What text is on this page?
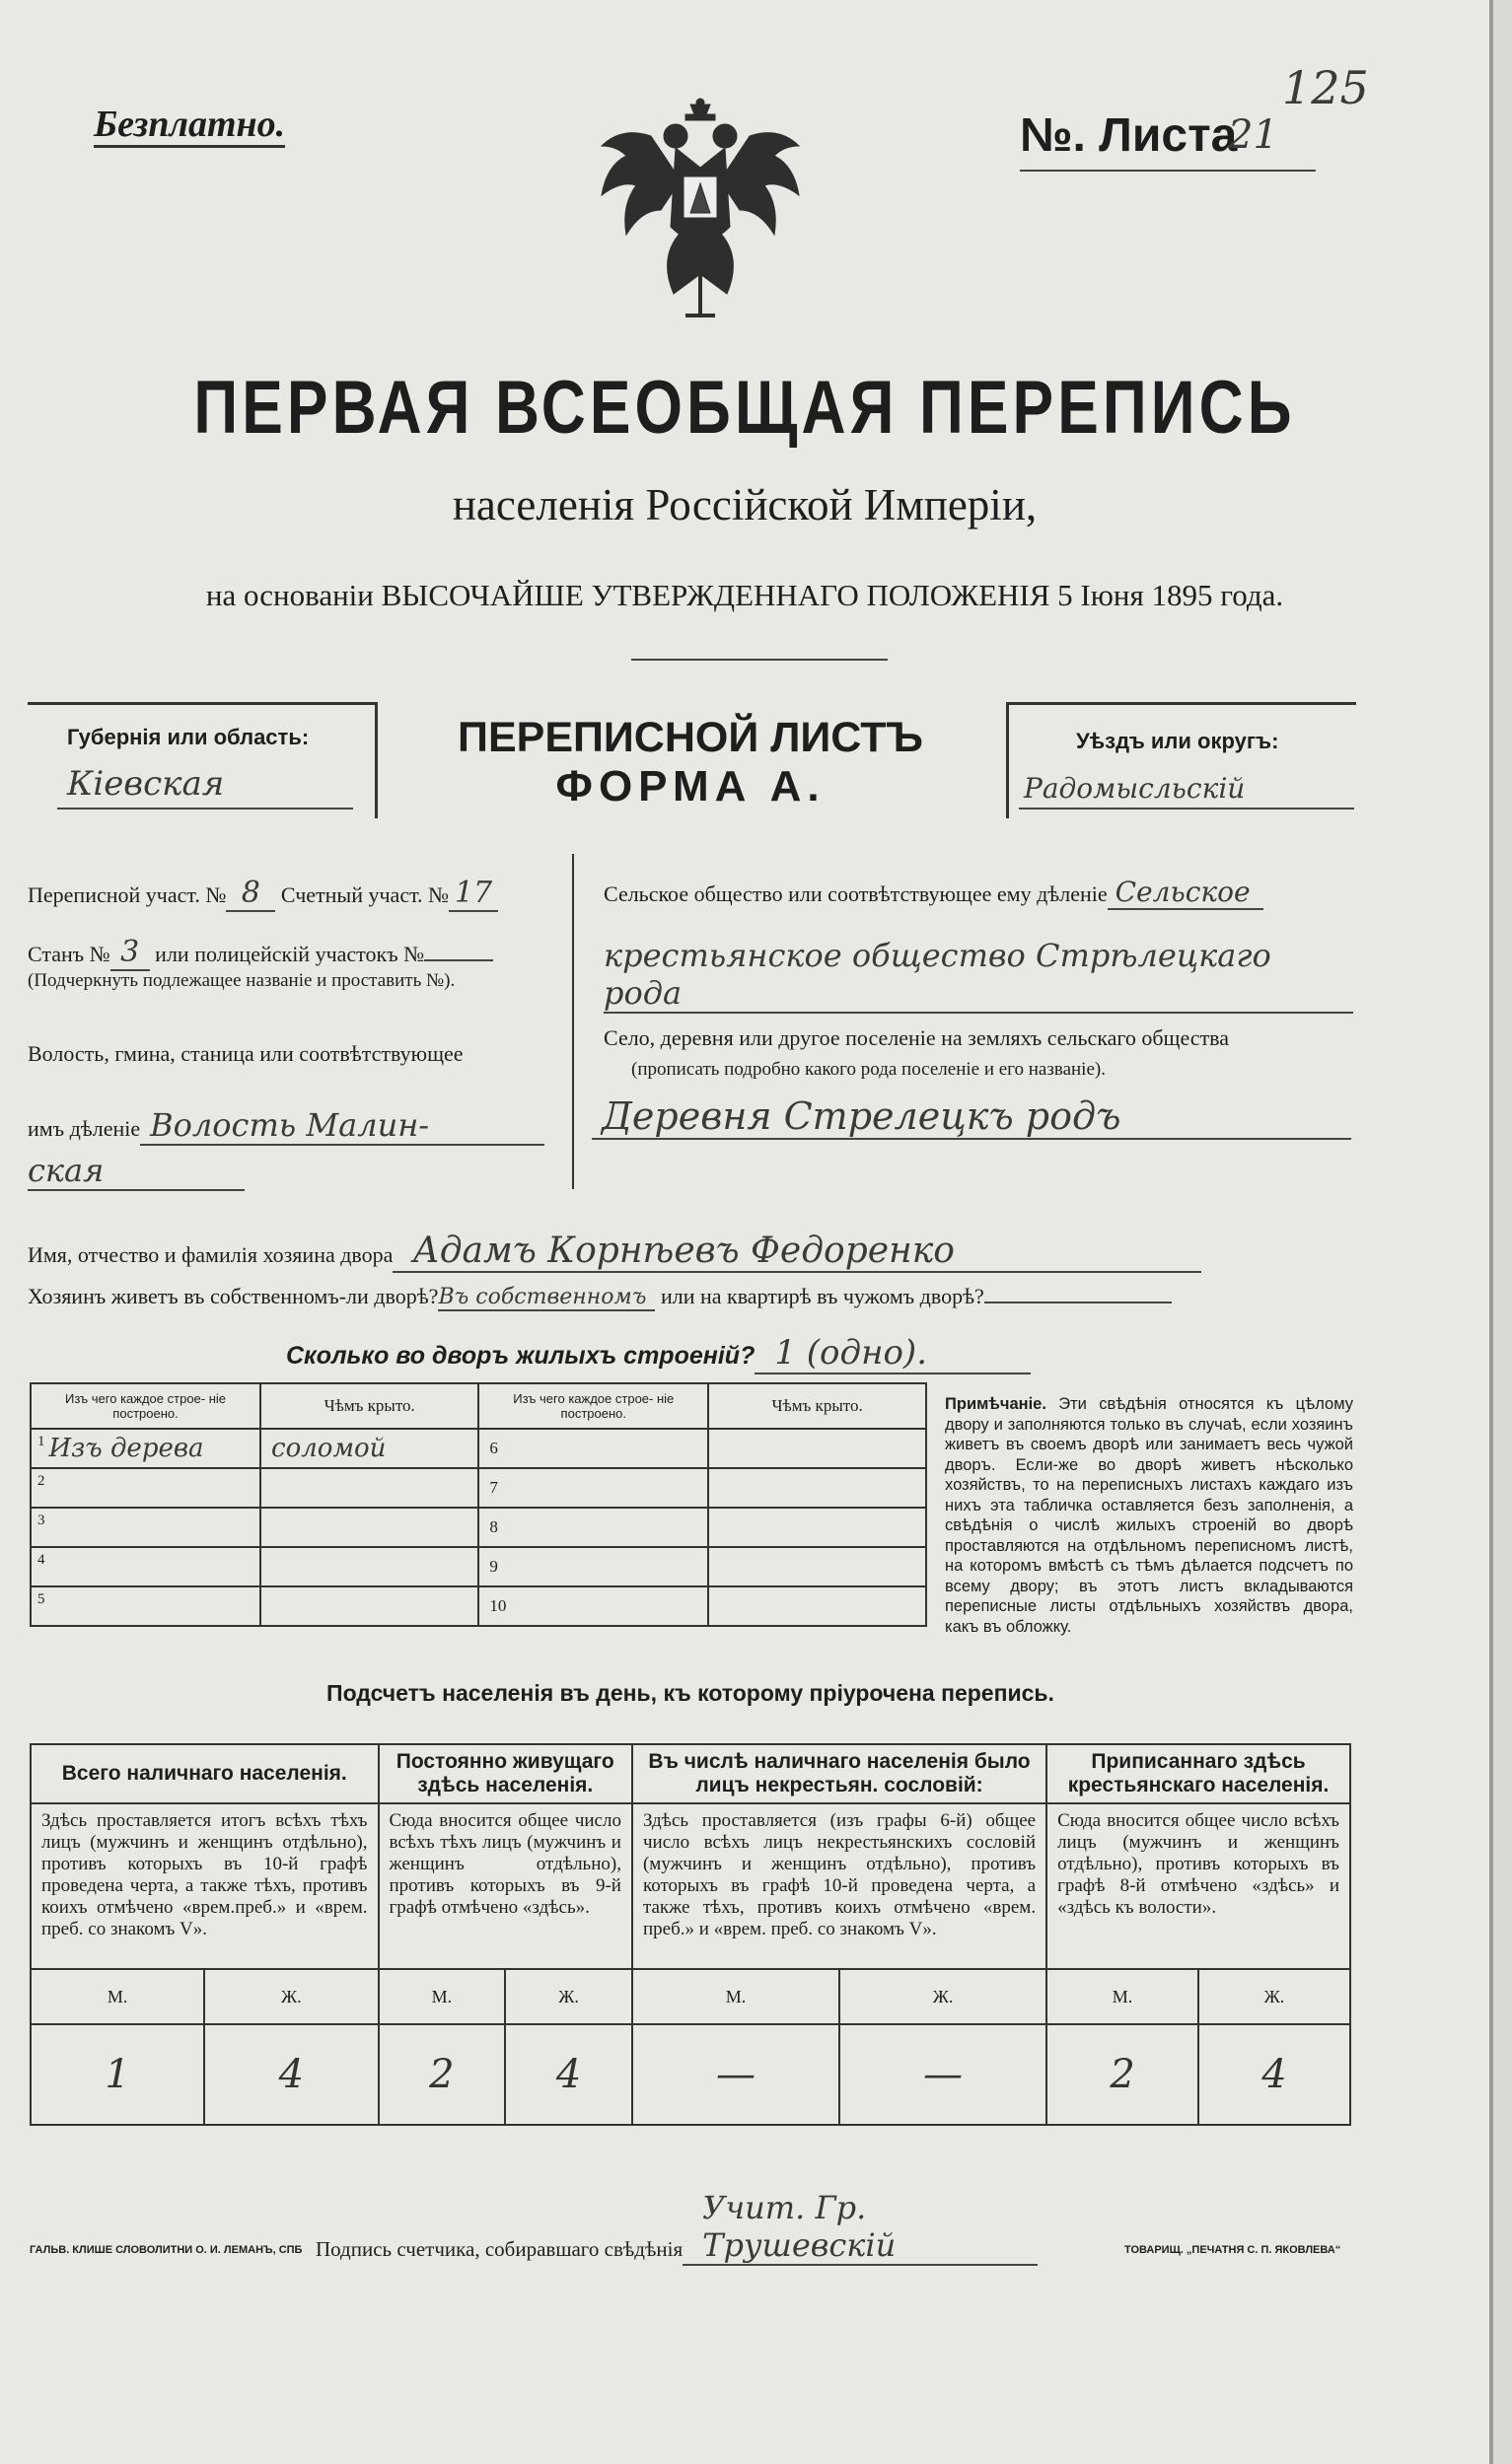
Безплатно.	№. Листа
21
125
ПЕРВАЯ ВСЕОБЩАЯ ПЕРЕПИСЬ
населенія Россійской Имперіи,
на основаніи ВЫСОЧАЙШЕ УТВЕРЖДЕННАГО ПОЛОЖЕНІЯ 5 Іюня 1895 года.
Губернія или область:
Кіевская
ПЕРЕПИСНОЙ ЛИСТЪ
ФОРМА А.
Уѣздъ или округъ:
Радомысльскій
Переписной участ. № 8 Счетный участ. № 17
Станъ № 3 или полицейскій участокъ №
(Подчеркнуть подлежащее названіе и проставить №).
Волость, гмина, станица или соотвѣтствующее
имъ дѣленіе Волость Малин-
ская
Сельское общество или соотвѣтствующее ему дѣленіе Сельское
крестьянское общество Стрѣлецкаго рода
Село, деревня или другое поселеніе на земляхъ сельскаго общества
(прописать подробно какого рода поселеніе и его названіе).
Деревня Стрелецкъ родъ
Имя, отчество и фамилія хозяина двора Адамъ Корнѣевъ Федоренко
Хозяинъ живетъ въ собственномъ-ли дворѣ?Въ собственномъ или на квартирѣ въ чужомъ дворѣ?
Сколько во дворъ жилыхъ строеній? 1 (одно).
Изъ чего каждое строе- ніе построено.	Чѣмъ крыто.	Изъ чего каждое строе- ніе построено.	Чѣмъ крыто.
1 Изъ дерева	соломой	6	
2		7	
3		8	
4		9	
5		10	
Примѣчаніе. Эти свѣдѣнія относятся къ цѣлому двору и заполняются только въ случаѣ, если хозяинъ живетъ въ своемъ дворѣ или занимаетъ весь чужой дворъ. Если-же во дворѣ живетъ нѣсколько хозяйствъ, то на переписныхъ листахъ каждаго изъ нихъ эта табличка оставляется безъ заполненія, а свѣдѣнія о числѣ жилыхъ строеній во дворѣ проставляются на отдѣльномъ переписномъ листѣ, на которомъ вмѣстѣ съ тѣмъ дѣлается подсчетъ по всему двору; въ этотъ листъ вкладываются переписные листы отдѣльныхъ хозяйствъ двора, какъ въ обложку.
Подсчетъ населенія въ день, къ которому пріурочена перепись.
Всего наличнаго населенія.		Постоянно живущаго здѣсь населенія.		Въ числѣ наличнаго населенія было лицъ некрестьян. сословій:		Приписаннаго здѣсь крестьянскаго населенія.	
Здѣсь проставляется итогъ всѣхъ тѣхъ лицъ (мужчинъ и женщинъ отдѣльно), противъ которыхъ въ 10-й графѣ проведена черта, а также тѣхъ, противъ коихъ отмѣчено «врем.преб.» и «врем. преб. со знакомъ V».		Сюда вносится общее число всѣхъ тѣхъ лицъ (мужчинъ и женщинъ отдѣльно), противъ которыхъ въ 9-й графѣ отмѣчено «здѣсь».		Здѣсь проставляется (изъ графы 6-й) общее число всѣхъ лицъ некрестьянскихъ сословій (мужчинъ и женщинъ отдѣльно), противъ которыхъ въ графѣ 10-й проведена черта, а также тѣхъ, противъ коихъ отмѣчено «врем. преб.» и «врем. преб. со знакомъ V».		Сюда вносится общее число всѣхъ лицъ (мужчинъ и женщинъ отдѣльно), противъ которыхъ въ графѣ 8-й отмѣчено «здѣсь» и «здѣсь къ волости».	
М.	Ж.	М.	Ж.	М.	Ж.	М.	Ж.
1	4	2	4	—	—	2	4
Подпись счетчика, собиравшаго свѣдѣніяУчит. Гр. Трушевскій
ГАЛЬВ. КЛИШЕ СЛОВОЛИТНИ О. И. ЛЕМАНЪ, СПБ	ТОВАРИЩ. „ПЕЧАТНЯ С. П. ЯКОВЛЕВА“
